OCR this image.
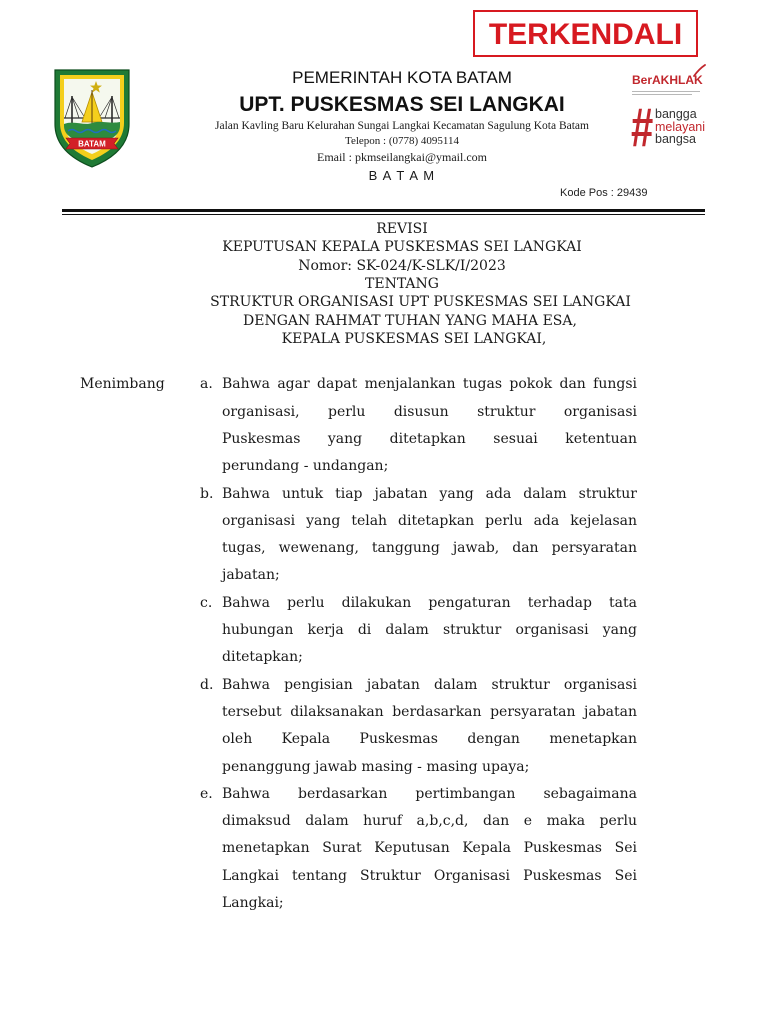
TERKENDALI
BATAM
PEMERINTAH KOTA BATAM
UPT. PUSKESMAS SEI LANGKAI
Jalan Kavling Baru Kelurahan Sungai Langkai Kecamatan Sagulung Kota Batam
Telepon : (0778) 4095114
Email : pkmseilangkai@ymail.com
B A T A M
Kode Pos : 29439
BerAKHLAK
# bangga
melayani
bangsa
REVISI
KEPUTUSAN KEPALA PUSKESMAS SEI LANGKAI
Nomor: SK-024/K-SLK/I/2023
TENTANG
STRUKTUR ORGANISASI UPT PUSKESMAS SEI LANGKAI
DENGAN RAHMAT TUHAN YANG MAHA ESA,
KEPALA PUSKESMAS SEI LANGKAI,
Menimbang	a. Bahwa agar dapat menjalankan tugas pokok dan fungsi
organisasi, perlu disusun struktur organisasi
Puskesmas yang ditetapkan sesuai ketentuan
perundang - undangan;
b. Bahwa untuk tiap jabatan yang ada dalam struktur
organisasi yang telah ditetapkan perlu ada kejelasan
tugas, wewenang, tanggung jawab, dan persyaratan
jabatan;
c. Bahwa perlu dilakukan pengaturan terhadap tata
hubungan kerja di dalam struktur organisasi yang
ditetapkan;
d. Bahwa pengisian jabatan dalam struktur organisasi
tersebut dilaksanakan berdasarkan persyaratan jabatan
oleh Kepala Puskesmas dengan menetapkan
penanggung jawab masing - masing upaya;
e. Bahwa berdasarkan pertimbangan sebagaimana
dimaksud dalam huruf a,b,c,d, dan e maka perlu
menetapkan Surat Keputusan Kepala Puskesmas Sei
Langkai tentang Struktur Organisasi Puskesmas Sei
Langkai;
